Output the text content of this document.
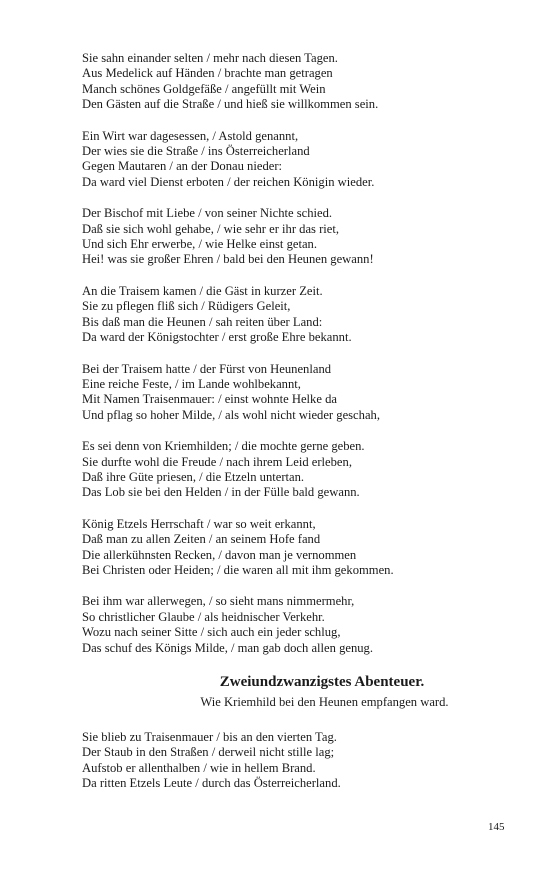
Sie sahn einander selten / mehr nach diesen Tagen.
Aus Medelick auf Händen / brachte man getragen
Manch schönes Goldgefäße / angefüllt mit Wein
Den Gästen auf die Straße / und hieß sie willkommen sein.
Ein Wirt war dagesessen, / Astold genannt,
Der wies sie die Straße / ins Österreicherland
Gegen Mautaren / an der Donau nieder:
Da ward viel Dienst erboten / der reichen Königin wieder.
Der Bischof mit Liebe / von seiner Nichte schied.
Daß sie sich wohl gehabe, / wie sehr er ihr das riet,
Und sich Ehr erwerbe, / wie Helke einst getan.
Hei! was sie großer Ehren / bald bei den Heunen gewann!
An die Traisem kamen / die Gäst in kurzer Zeit.
Sie zu pflegen fliß sich / Rüdigers Geleit,
Bis daß man die Heunen / sah reiten über Land:
Da ward der Königstochter / erst große Ehre bekannt.
Bei der Traisem hatte / der Fürst von Heunenland
Eine reiche Feste, / im Lande wohlbekannt,
Mit Namen Traisenmauer: / einst wohnte Helke da
Und pflag so hoher Milde, / als wohl nicht wieder geschah,
Es sei denn von Kriemhilden; / die mochte gerne geben.
Sie durfte wohl die Freude / nach ihrem Leid erleben,
Daß ihre Güte priesen, / die Etzeln untertan.
Das Lob sie bei den Helden / in der Fülle bald gewann.
König Etzels Herrschaft / war so weit erkannt,
Daß man zu allen Zeiten / an seinem Hofe fand
Die allerkühnsten Recken, / davon man je vernommen
Bei Christen oder Heiden; / die waren all mit ihm gekommen.
Bei ihm war allerwegen, / so sieht mans nimmermehr,
So christlicher Glaube / als heidnischer Verkehr.
Wozu nach seiner Sitte / sich auch ein jeder schlug,
Das schuf des Königs Milde, / man gab doch allen genug.
Zweiundzwanzigstes Abenteuer.
Wie Kriemhild bei den Heunen empfangen ward.
Sie blieb zu Traisenmauer / bis an den vierten Tag.
Der Staub in den Straßen / derweil nicht stille lag;
Aufstob er allenthalben / wie in hellem Brand.
Da ritten Etzels Leute / durch das Österreicherland.
145
